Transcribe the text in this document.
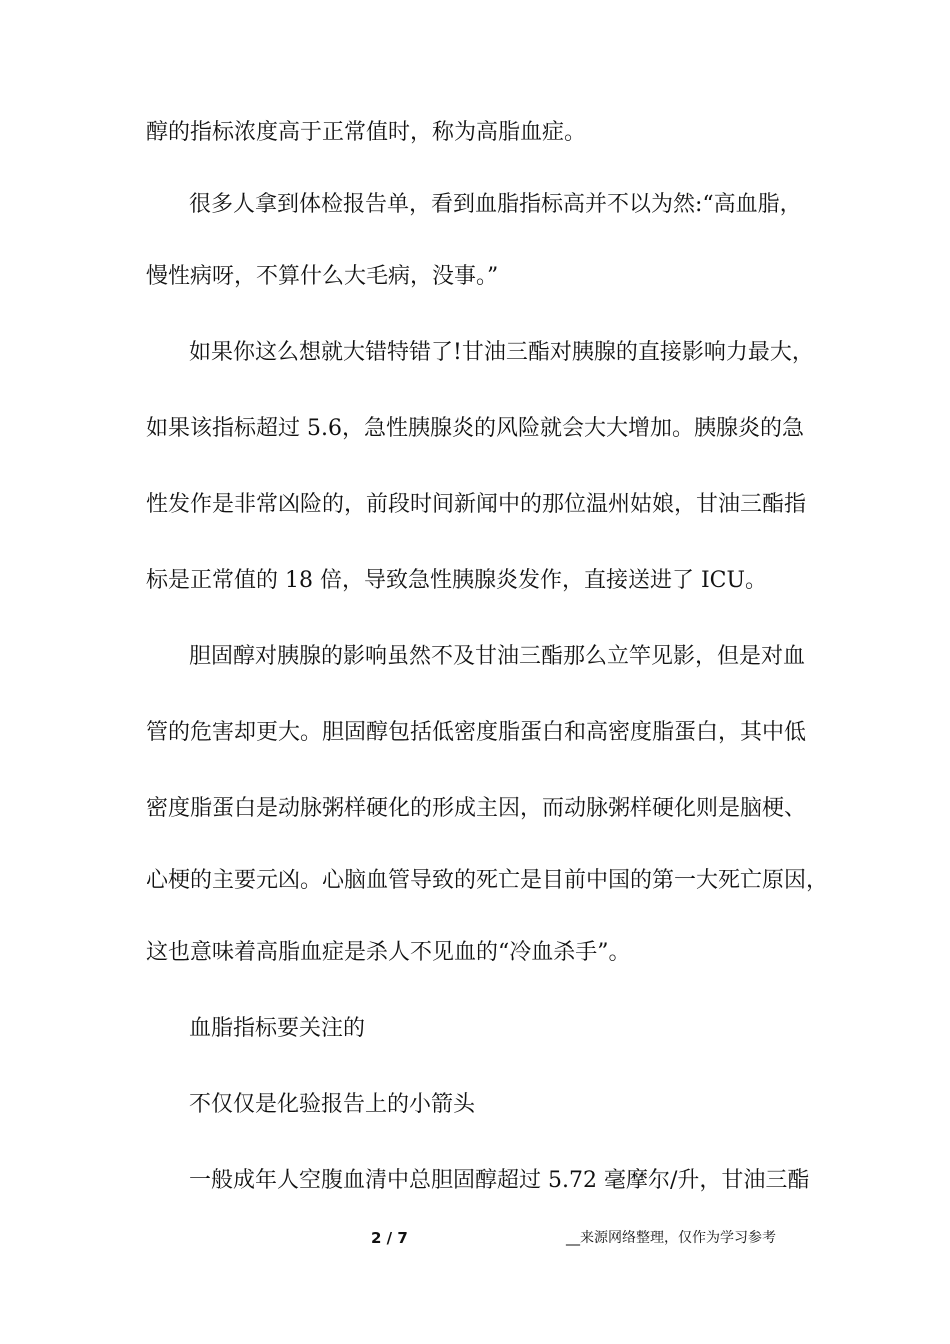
醇的指标浓度高于正常值时，称为高脂血症。
很多人拿到体检报告单，看到血脂指标高并不以为然:“高血脂，
慢性病呀，不算什么大毛病，没事。”
如果你这么想就大错特错了!甘油三酯对胰腺的直接影响力最大，
如果该指标超过 5.6，急性胰腺炎的风险就会大大增加。胰腺炎的急
性发作是非常凶险的，前段时间新闻中的那位温州姑娘，甘油三酯指
标是正常值的 18 倍，导致急性胰腺炎发作，直接送进了 ICU。
胆固醇对胰腺的影响虽然不及甘油三酯那么立竿见影，但是对血
管的危害却更大。胆固醇包括低密度脂蛋白和高密度脂蛋白，其中低
密度脂蛋白是动脉粥样硬化的形成主因，而动脉粥样硬化则是脑梗、
心梗的主要元凶。心脑血管导致的死亡是目前中国的第一大死亡原因，
这也意味着高脂血症是杀人不见血的“冷血杀手”。
血脂指标要关注的
不仅仅是化验报告上的小箭头
一般成年人空腹血清中总胆固醇超过 5.72 毫摩尔/升，甘油三酯
2 / 7	__来源网络整理，仅作为学习参考
